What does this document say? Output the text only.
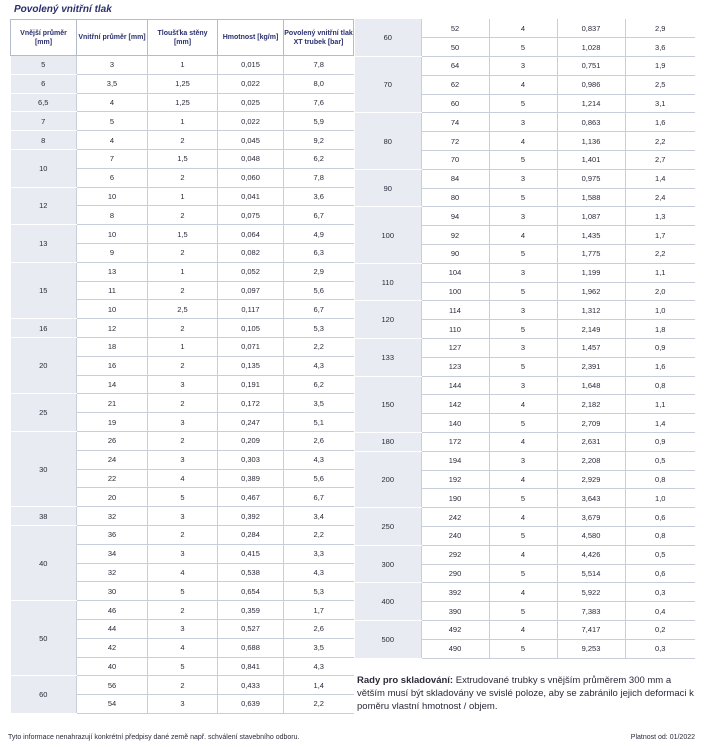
Povolený vnitřní tlak
Vnější průměr [mm]	Vnitřní průměr [mm]	Tloušťka stěny [mm]	Hmotnost [kg/m]	Povolený vnitřní tlak XT trubek [bar]
5	3	1	0,015	7,8
6	3,5	1,25	0,022	8,0
6,5	4	1,25	0,025	7,6
7	5	1	0,022	5,9
8	4	2	0,045	9,2
10	7	1,5	0,048	6,2
	6	2	0,060	7,8
12	10	1	0,041	3,6
	8	2	0,075	6,7
13	10	1,5	0,064	4,9
	9	2	0,082	6,3
15	13	1	0,052	2,9
	11	2	0,097	5,6
	10	2,5	0,117	6,7
16	12	2	0,105	5,3
20	18	1	0,071	2,2
	16	2	0,135	4,3
	14	3	0,191	6,2
25	21	2	0,172	3,5
	19	3	0,247	5,1
30	26	2	0,209	2,6
	24	3	0,303	4,3
	22	4	0,389	5,6
	20	5	0,467	6,7
38	32	3	0,392	3,4
40	36	2	0,284	2,2
	34	3	0,415	3,3
	32	4	0,538	4,3
	30	5	0,654	5,3
50	46	2	0,359	1,7
	44	3	0,527	2,6
	42	4	0,688	3,5
	40	5	0,841	4,3
60	56	2	0,433	1,4
	54	3	0,639	2,2
60	52	4	0,837	2,9
	50	5	1,028	3,6
70	64	3	0,751	1,9
	62	4	0,986	2,5
	60	5	1,214	3,1
80	74	3	0,863	1,6
	72	4	1,136	2,2
	70	5	1,401	2,7
90	84	3	0,975	1,4
	80	5	1,588	2,4
100	94	3	1,087	1,3
	92	4	1,435	1,7
	90	5	1,775	2,2
110	104	3	1,199	1,1
	100	5	1,962	2,0
120	114	3	1,312	1,0
	110	5	2,149	1,8
133	127	3	1,457	0,9
	123	5	2,391	1,6
150	144	3	1,648	0,8
	142	4	2,182	1,1
	140	5	2,709	1,4
180	172	4	2,631	0,9
200	194	3	2,208	0,5
	192	4	2,929	0,8
	190	5	3,643	1,0
250	242	4	3,679	0,6
	240	5	4,580	0,8
300	292	4	4,426	0,5
	290	5	5,514	0,6
400	392	4	5,922	0,3
	390	5	7,383	0,4
500	492	4	7,417	0,2
	490	5	9,253	0,3
Rady pro skladování: Extrudované trubky s vnějším průměrem 300 mm a větším musí být skladovány ve svislé poloze, aby se zabránilo jejich deformaci k poměru vlastní hmotnost / objem.
Tyto informace nenahrazují konkrétní předpisy dané země např. schválení stavebního odboru.	Platnost od: 01/2022
